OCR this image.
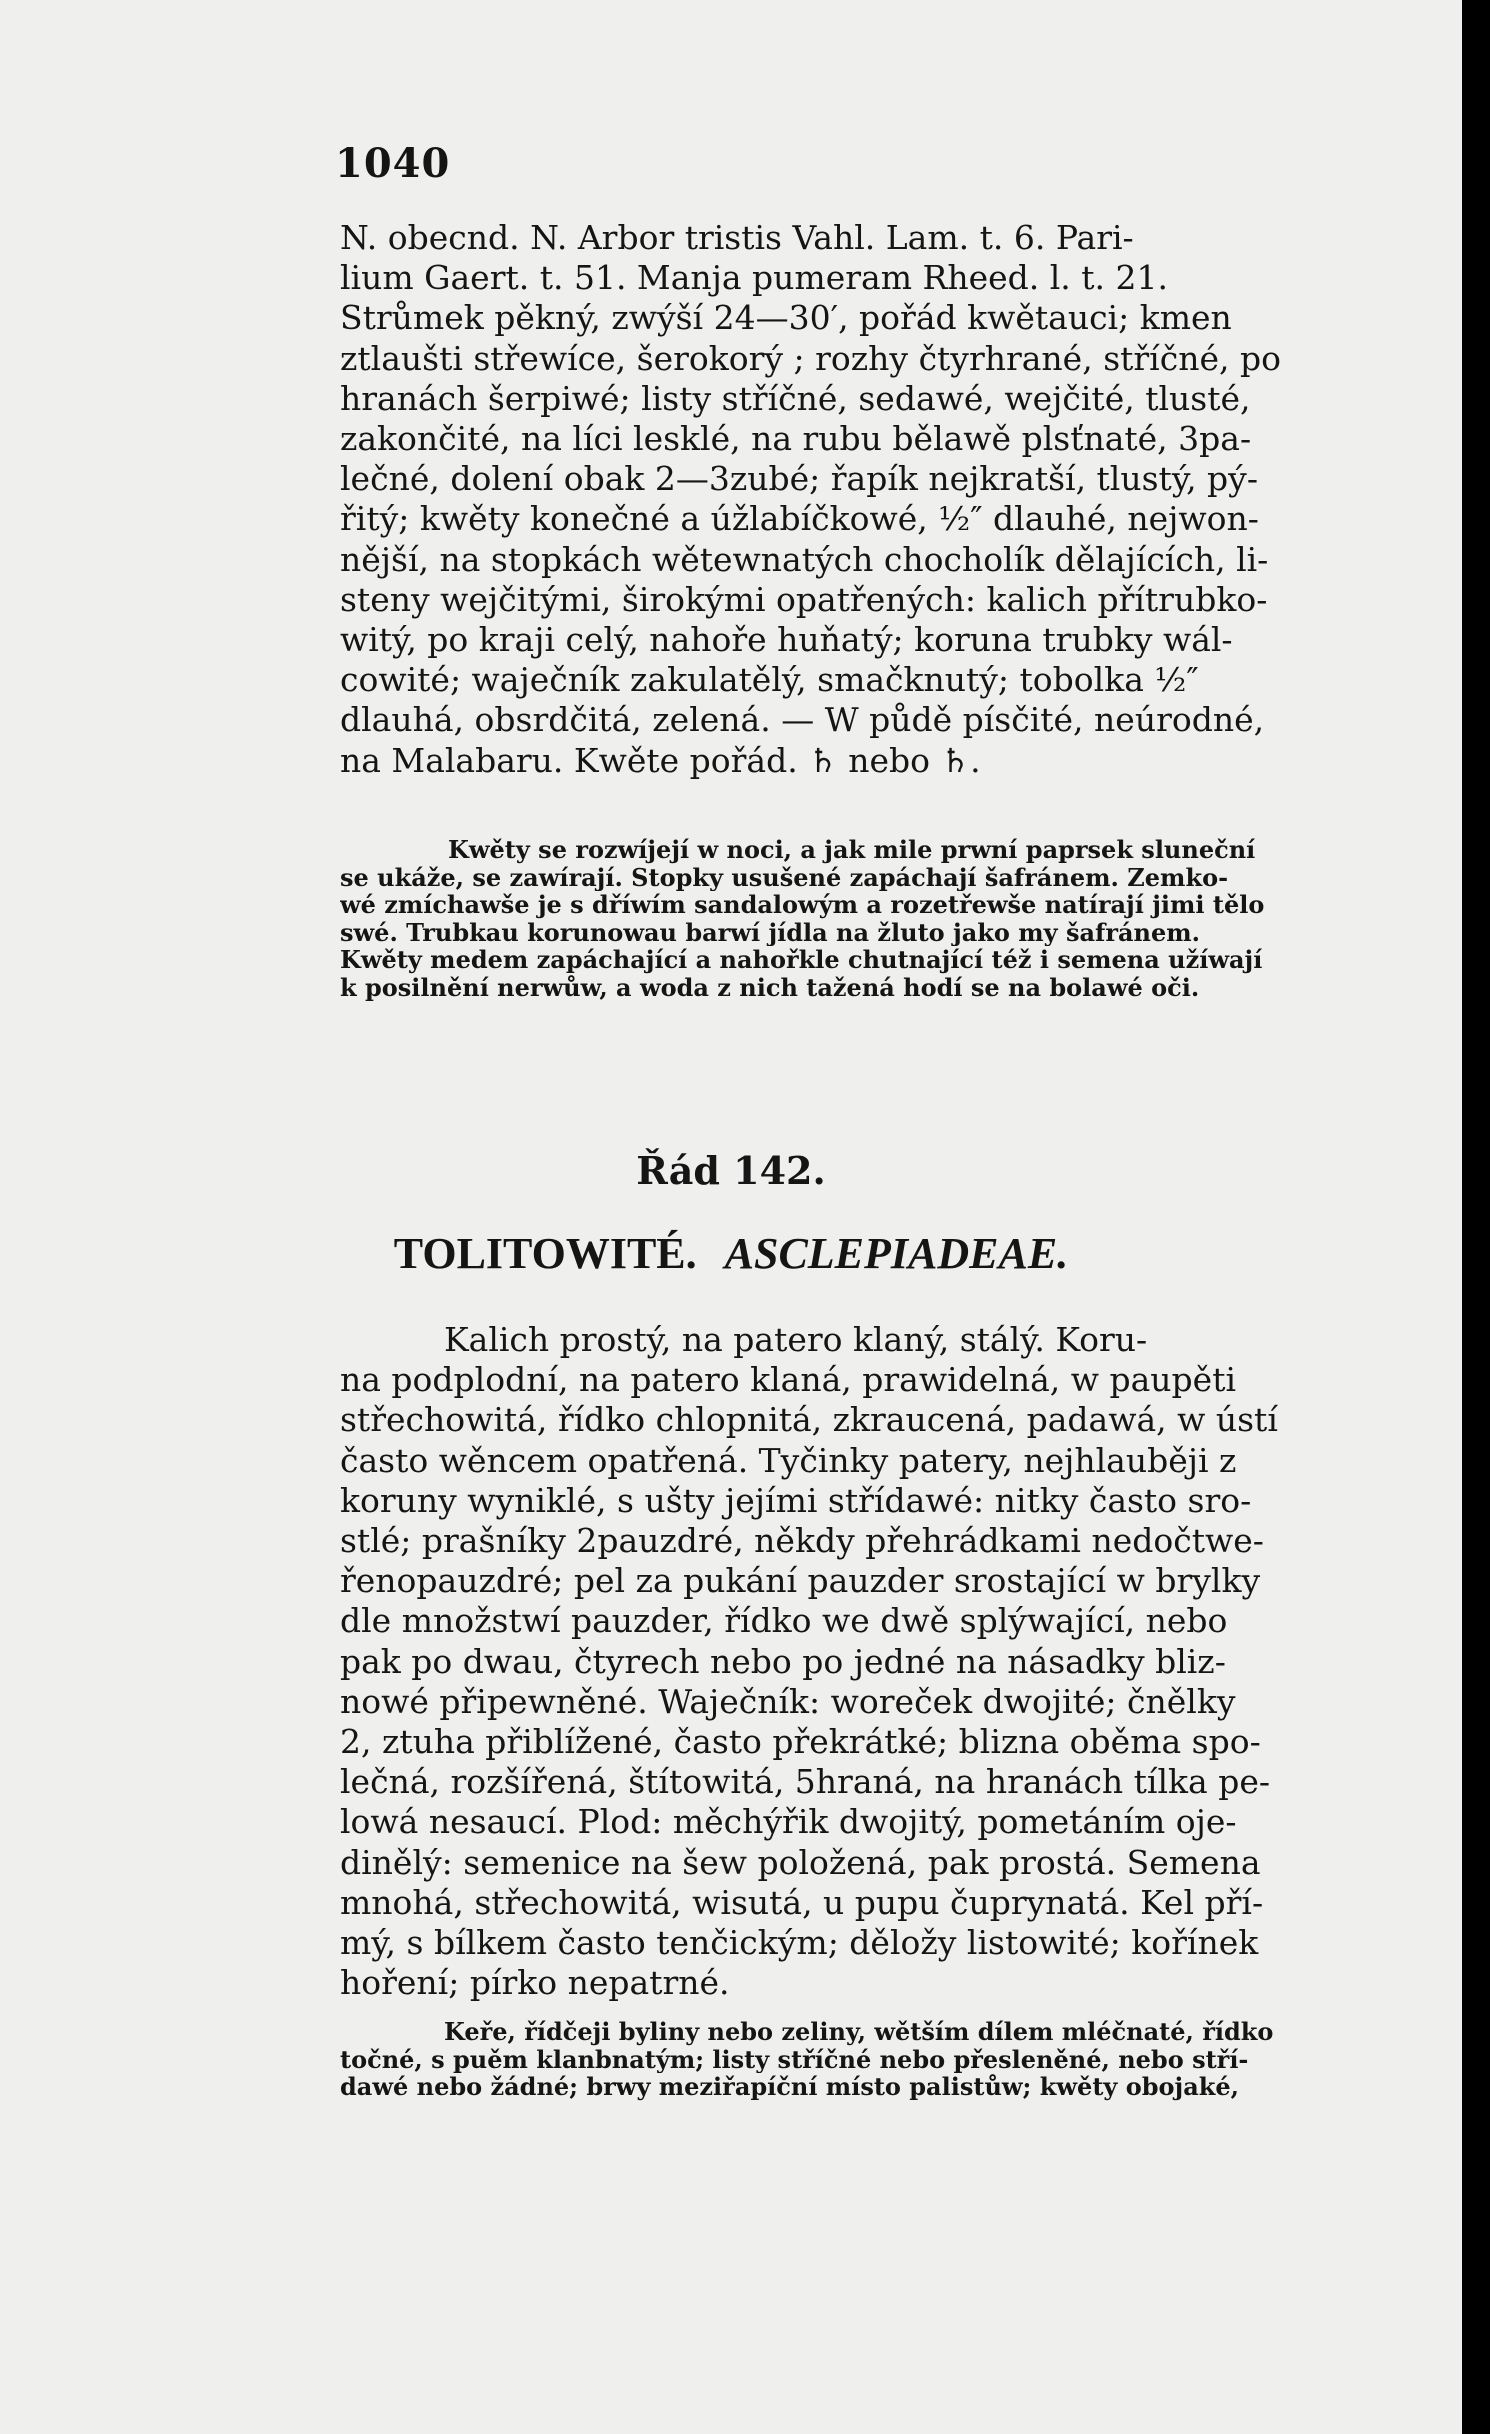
1040
N. obecnd. N. Arbor tristis Vahl. Lam. t. 6. Pari-
lium Gaert. t. 51. Manja pumeram Rheed. l. t. 21.
Strůmek pěkný, zwýší 24—30′, pořád kwětauci; kmen
ztlaušti střewíce, šerokorý ; rozhy čtyrhrané, stříčné, po
hranách šerpiwé; listy stříčné, sedawé, wejčité, tlusté,
zakončité, na líci lesklé, na rubu bělawě plsťnaté, 3pa-
lečné, dolení obak 2—3zubé; řapík nejkratší, tlustý, pý-
řitý; kwěty konečné a úžlabíčkowé, ½″ dlauhé, nejwon-
nější, na stopkách wětewnatých chocholík dělajících, li-
steny wejčitými, širokými opatřených: kalich přítrubko-
witý, po kraji celý, nahoře huňatý; koruna trubky wál-
cowité; waječník zakulatělý, smačknutý; tobolka ½″
dlauhá, obsrdčitá, zelená. — W půdě písčité, neúrodné,
na Malabaru. Kwěte pořád. ♄ nebo ♄.
Kwěty se rozwíjejí w noci, a jak mile prwní paprsek sluneční
se ukáže, se zawírají. Stopky usušené zapáchají šafránem. Zemko-
wé zmíchawše je s dříwím sandalowým a rozetřewše natírají jimi tělo
swé. Trubkau korunowau barwí jídla na žluto jako my šafránem.
Kwěty medem zapáchající a nahořkle chutnající též i semena užíwají
k posilnění nerwůw, a woda z nich tažená hodí se na bolawé oči.
Řád 142.
TOLITOWITÉ. ASCLEPIADEAE.
Kalich prostý, na patero klaný, stálý. Koru-
na podplodní, na patero klaná, prawidelná, w paupěti
střechowitá, řídko chlopnitá, zkraucená, padawá, w ústí
často wěncem opatřená. Tyčinky patery, nejhlauběji z
koruny wyniklé, s ušty jejími střídawé: nitky často sro-
stlé; prašníky 2pauzdré, někdy přehrádkami nedočtwe-
řenopauzdré; pel za pukání pauzder srostající w brylky
dle množstwí pauzder, řídko we dwě splýwající, nebo
pak po dwau, čtyrech nebo po jedné na násadky bliz-
nowé připewněné. Waječník: woreček dwojité; čnělky
2, ztuha přiblížené, často překrátké; blizna oběma spo-
lečná, rozšířená, štítowitá, 5hraná, na hranách tílka pe-
lowá nesaucí. Plod: měchýřik dwojitý, pometáním oje-
dinělý: semenice na šew položená, pak prostá. Semena
mnohá, střechowitá, wisutá, u pupu čuprynatá. Kel pří-
mý, s bílkem často tenčickým; děložy listowité; kořínek
hoření; pírko nepatrné.
Keře, řídčeji byliny nebo zeliny, wětším dílem mléčnaté, řídko
točné, s puěm klanbnatým; listy stříčné nebo přesleněné, nebo stří-
dawé nebo žádné; brwy meziřapíční místo palistůw; kwěty obojaké,
